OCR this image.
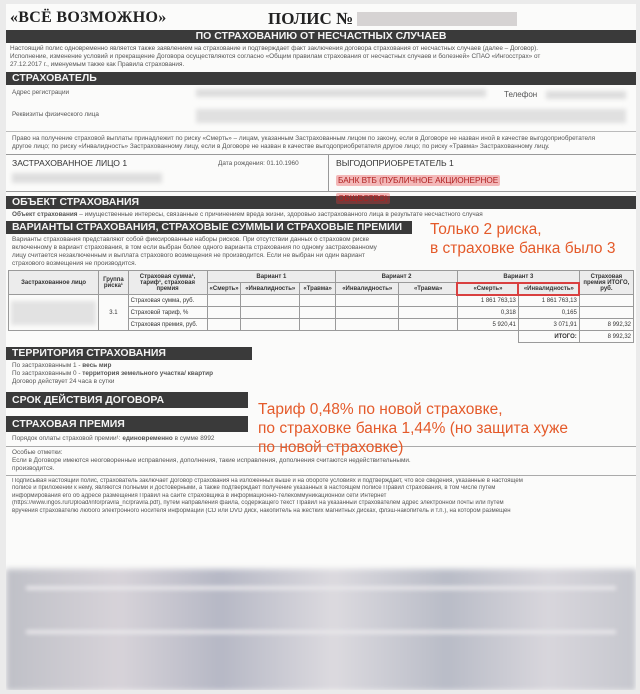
«ВСЁ ВОЗМОЖНО»	ПОЛИС №
ПО СТРАХОВАНИЮ ОТ НЕСЧАСТНЫХ СЛУЧАЕВ
Настоящий полис одновременно является также заявлением на страхование и подтверждает факт заключения договора страхования от несчастных случаев (далее – Договор).
Исполнение, изменение условий и прекращение Договора осуществляются согласно «Общим правилам страхования от несчастных случаев и болезней» СПАО «Ингосстрах» от
27.12.2017 г., именуемым также как Правила страхования.
СТРАХОВАТЕЛЬ
Адрес регистрации	Телефон
Реквизиты физического лица
Право на получение страховой выплаты принадлежит по риску «Смерть» – лицам, указанным Застрахованным лицом по закону, если в Договоре не назван иной в качестве выгодоприобретателя
другое лицо; по риску «Инвалидность» Застрахованному лицу, если в Договоре не назван в качестве выгодоприобретателя другое лицо; по риску «Травма» Застрахованному лицу.
ЗАСТРАХОВАННОЕ ЛИЦО 1	Дата рождения: 01.10.1960	ВЫГОДОПРИОБРЕТАТЕЛЬ 1
БАНК ВТБ (ПУБЛИЧНОЕ АКЦИОНЕРНОЕ
ОБЩЕСТВО)
ОБЪЕКТ СТРАХОВАНИЯ
Объект страхования – имущественные интересы, связанные с причинением вреда жизни, здоровью застрахованного лица в результате несчастного случая
ВАРИАНТЫ СТРАХОВАНИЯ, СТРАХОВЫЕ СУММЫ И СТРАХОВЫЕ ПРЕМИИ
Варианты страхования представляют собой фиксированные наборы рисков. При отсутствии данных о страховом риске
включенному в вариант страхования, в том если выбран более одного варианта страхования по одному застрахованному
лицу считается незаключенным и выплата страхового возмещения не производится. Если не выбран ни один вариант
страхового возмещения не производится.
Застрахованное лицо	Группа риска¹	Страховая сумма¹, тариф¹, страховая премия	Вариант 1			Вариант 2		Вариант 3		Страховая премия ИТОГО, руб.
			«Смерть»	«Инвалидность»	«Травма»	«Инвалидность»	«Травма»	«Смерть»	«Инвалидность»	

	3.1	Страховая сумма, руб.						1 861 763,13	1 861 763,13	
		Страховой тариф, %						0,318	0,165	
		Страховая премия, руб.						5 920,41	3 071,91	8 992,32
									ИТОГО:	8 992,32
ТЕРРИТОРИЯ СТРАХОВАНИЯ
По застрахованным 1 - весь мир
По застрахованным 0 - территория земельного участка/ квартир
Договор действует 24 часа в сутки
СРОК ДЕЙСТВИЯ ДОГОВОРА
СТРАХОВАЯ ПРЕМИЯ
Порядок оплаты страховой премии¹: единовременно в сумме 8992
Особые отметки:
Если в Договоре имеются неоговоренные исправления, дополнения, такие исправления, дополнения считаются недействительными.
производится.
Подписывая настоящий полис, страхователь заключает Договор страхования на изложенных выше и на обороте условиях и подтверждает, что все сведения, указанные в настоящем
полисе и приложении к нему, являются полными и достоверными, а также подтверждает получение указанных в настоящем полисе Правил страхования, в том числе путем
информирования его об адресе размещения Правил на сайте страховщика в информационно-телекоммуникационной сети Интернет
(https://www.ingos.ru/Upload/info/pravila_nc/pravila.pdf), путем направления файла, содержащего текст Правил на указанный страхователем адрес электронной почты или путем
вручения страхователю любого электронного носителя информации (CD или DVD диск, накопитель на жестких магнитных дисках, флэш-накопитель и т.п.), на котором размещен
Только 2 риска,
в страховке банка было 3
Тариф 0,48% по новой страховке,
по страховке банка 1,44% (но защита хуже
по новой страховке)
